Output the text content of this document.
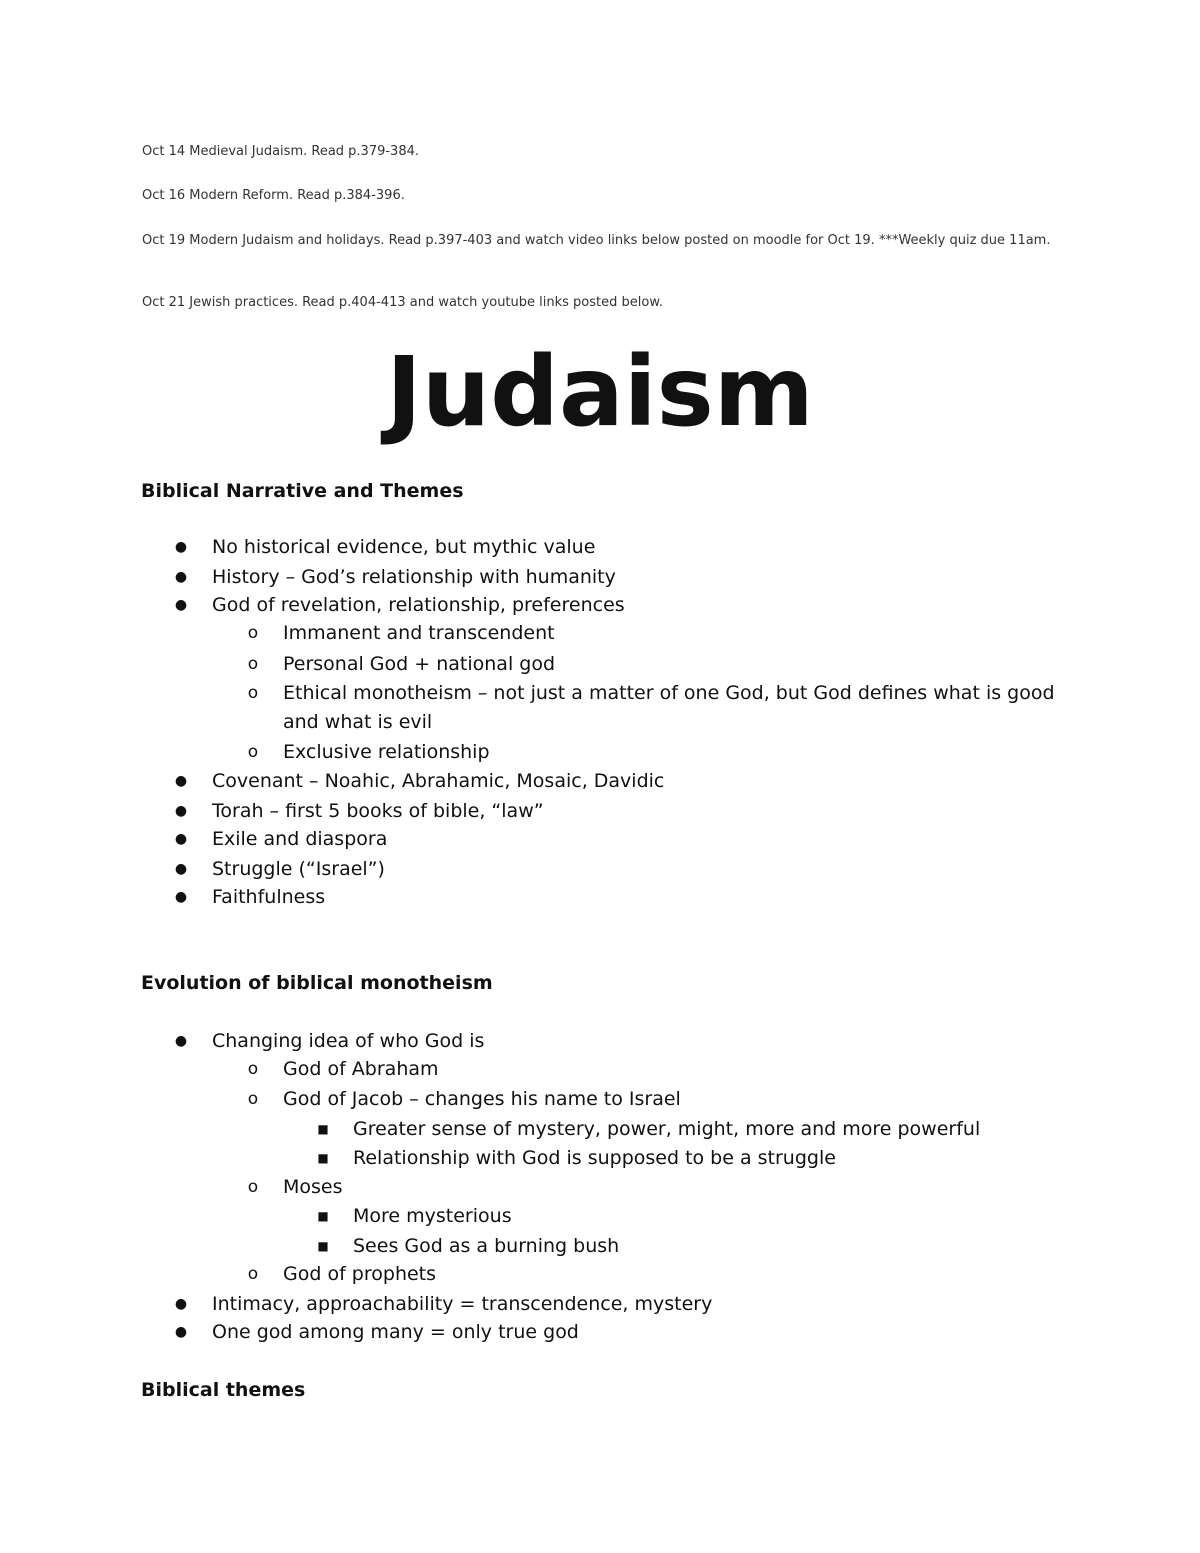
Oct 14 Medieval Judaism. Read p.379-384.

Oct 16 Modern Reform. Read p.384-396.

Oct 19 Modern Judaism and holidays. Read p.397-403 and watch video links below posted on moodle for Oct 19. ***Weekly quiz due 11am.

Oct 21 Jewish practices. Read p.404-413 and watch youtube links posted below.

Judaism
Biblical Narrative and Themes
● No historical evidence, but mythic value
● History – God’s relationship with humanity
● God of revelation, relationship, preferences
o Immanent and transcendent
o Personal God + national god
o Ethical monotheism – not just a matter of one God, but God defines what is good and what is evil
o Exclusive relationship
● Covenant – Noahic, Abrahamic, Mosaic, Davidic
● Torah – first 5 books of bible, “law”
● Exile and diaspora
● Struggle (“Israel”)
● Faithfulness
Evolution of biblical monotheism
● Changing idea of who God is
o God of Abraham
o God of Jacob – changes his name to Israel
■ Greater sense of mystery, power, might, more and more powerful
■ Relationship with God is supposed to be a struggle
o Moses
■ More mysterious
■ Sees God as a burning bush
o God of prophets
● Intimacy, approachability = transcendence, mystery
● One god among many = only true god
Biblical themes
